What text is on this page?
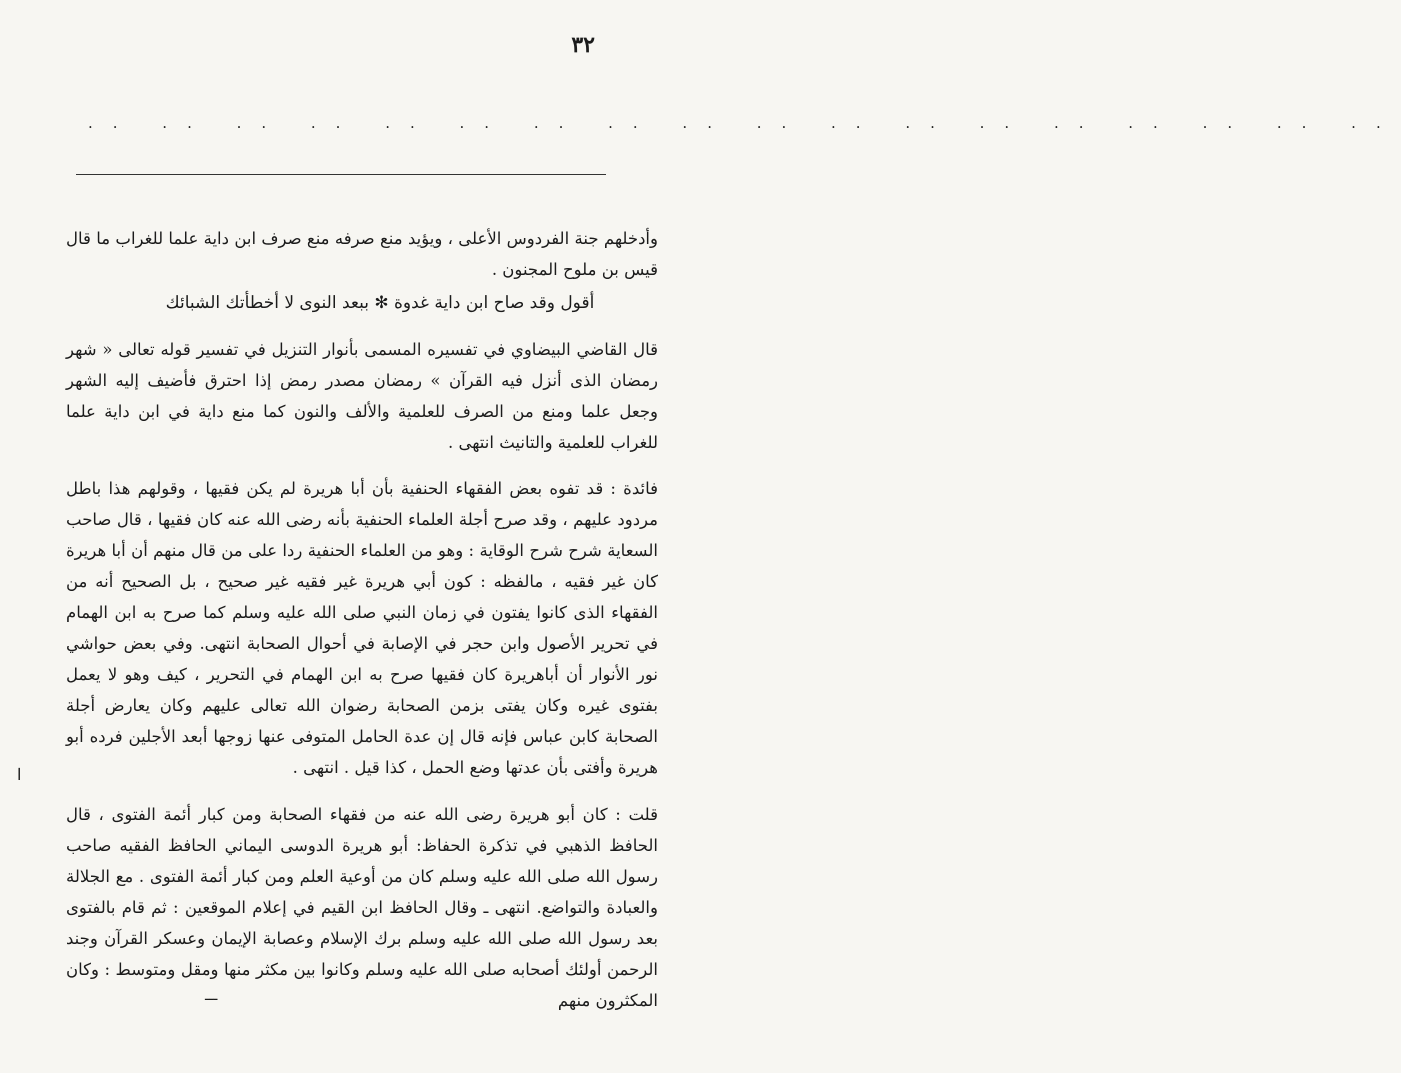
٣٢
.. .. .. .. .. .. .. .. .. .. .. .. .. .. .. .. .. ..
وأدخلهم جنة الفردوس الأعلى ، ويؤيد منع صرفه منع صرف ابن داية علما للغراب ما قال قيس بن ملوح المجنون .
أقول وقد صاح ابن داية غدوة ✻ ببعد النوى لا أخطأتك الشبائك
قال القاضي البيضاوي في تفسيره المسمى بأنوار التنزيل في تفسير قوله تعالى « شهر رمضان الذى أنزل فيه القرآن » رمضان مصدر رمض إذا احترق فأضيف إليه الشهر وجعل علما ومنع من الصرف للعلمية والألف والنون كما منع داية في ابن داية علما للغراب للعلمية والتانيث انتهى .
فائدة : قد تفوه بعض الفقهاء الحنفية بأن أبا هريرة لم يكن فقيها ، وقولهم هذا باطل مردود عليهم ، وقد صرح أجلة العلماء الحنفية بأنه رضى الله عنه كان فقيها ، قال صاحب السعاية شرح شرح الوقاية : وهو من العلماء الحنفية ردا على من قال منهم أن أبا هريرة كان غير فقيه ، مالفظه : كون أبي هريرة غير فقيه غير صحيح ، بل الصحيح أنه من الفقهاء الذى كانوا يفتون في زمان النبي صلى الله عليه وسلم كما صرح به ابن الهمام في تحرير الأصول وابن حجر في الإصابة في أحوال الصحابة انتهى. وفي بعض حواشي نور الأنوار أن أباهريرة كان فقيها صرح به ابن الهمام في التحرير ، كيف وهو لا يعمل بفتوى غيره وكان يفتى بزمن الصحابة رضوان الله تعالى عليهم وكان يعارض أجلة الصحابة كابن عباس فإنه قال إن عدة الحامل المتوفى عنها زوجها أبعد الأجلين فرده أبو هريرة وأفتى بأن عدتها وضع الحمل ، كذا قيل . انتهى .
قلت : كان أبو هريرة رضى الله عنه من فقهاء الصحابة ومن كبار أئمة الفتوى ، قال الحافظ الذهبي في تذكرة الحفاظ: أبو هريرة الدوسى اليماني الحافظ الفقيه صاحب رسول الله صلى الله عليه وسلم كان من أوعية العلم ومن كبار أئمة الفتوى . مع الجلالة والعبادة والتواضع. انتهى ـ وقال الحافظ ابن القيم في إعلام الموقعين : ثم قام بالفتوى بعد رسول الله صلى الله عليه وسلم برك الإسلام وعصابة الإيمان وعسكر القرآن وجند الرحمن أولئك أصحابه صلى الله عليه وسلم وكانوا بين مكثر منها ومقل ومتوسط : وكان المكثرون منهم
ا
ـــ
